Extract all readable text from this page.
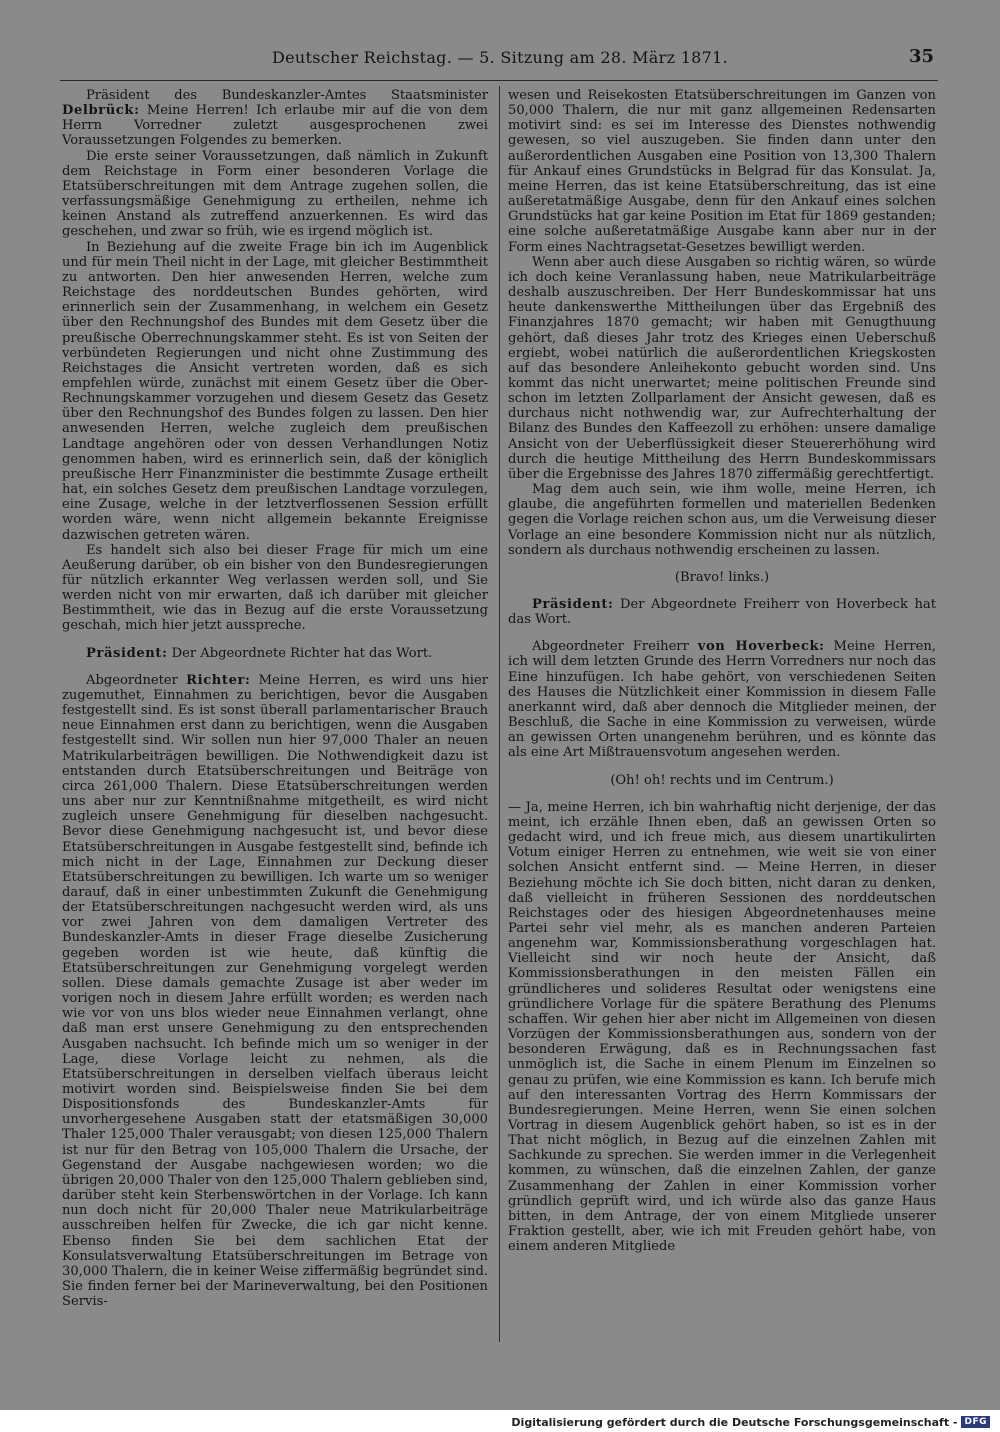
Deutscher Reichstag. — 5. Sitzung am 28. März 1871.	35

Präsident des Bundeskanzler-Amtes Staatsminister Delbrück: Meine Herren! Ich erlaube mir auf die von dem Herrn Vorredner zuletzt ausgesprochenen zwei Voraussetzungen Folgendes zu bemerken.

Die erste seiner Voraussetzungen, daß nämlich in Zukunft dem Reichstage in Form einer besonderen Vorlage die Etatsüberschreitungen mit dem Antrage zugehen sollen, die verfassungsmäßige Genehmigung zu ertheilen, nehme ich keinen Anstand als zutreffend anzuerkennen. Es wird das geschehen, und zwar so früh, wie es irgend möglich ist.

In Beziehung auf die zweite Frage bin ich im Augenblick und für mein Theil nicht in der Lage, mit gleicher Bestimmtheit zu antworten. Den hier anwesenden Herren, welche zum Reichstage des norddeutschen Bundes gehörten, wird erinnerlich sein der Zusammenhang, in welchem ein Gesetz über den Rechnungshof des Bundes mit dem Gesetz über die preußische Oberrechnungskammer steht. Es ist von Seiten der verbündeten Regierungen und nicht ohne Zustimmung des Reichstages die Ansicht vertreten worden, daß es sich empfehlen würde, zunächst mit einem Gesetz über die Ober-Rechnungskammer vorzugehen und diesem Gesetz das Gesetz über den Rechnungshof des Bundes folgen zu lassen. Den hier anwesenden Herren, welche zugleich dem preußischen Landtage angehören oder von dessen Verhandlungen Notiz genommen haben, wird es erinnerlich sein, daß der königlich preußische Herr Finanzminister die bestimmte Zusage ertheilt hat, ein solches Gesetz dem preußischen Landtage vorzulegen, eine Zusage, welche in der letztverflossenen Session erfüllt worden wäre, wenn nicht allgemein bekannte Ereignisse dazwischen getreten wären.

Es handelt sich also bei dieser Frage für mich um eine Aeußerung darüber, ob ein bisher von den Bundesregierungen für nützlich erkannter Weg verlassen werden soll, und Sie werden nicht von mir erwarten, daß ich darüber mit gleicher Bestimmtheit, wie das in Bezug auf die erste Voraussetzung geschah, mich hier jetzt ausspreche.

Präsident: Der Abgeordnete Richter hat das Wort.

Abgeordneter Richter: Meine Herren, es wird uns hier zugemuthet, Einnahmen zu berichtigen, bevor die Ausgaben festgestellt sind. Es ist sonst überall parlamentarischer Brauch neue Einnahmen erst dann zu berichtigen, wenn die Ausgaben festgestellt sind. Wir sollen nun hier 97,000 Thaler an neuen Matrikularbeiträgen bewilligen. Die Nothwendigkeit dazu ist entstanden durch Etatsüberschreitungen und Beiträge von circa 261,000 Thalern. Diese Etatsüberschreitungen werden uns aber nur zur Kenntnißnahme mitgetheilt, es wird nicht zugleich unsere Genehmigung für dieselben nachgesucht. Bevor diese Genehmigung nachgesucht ist, und bevor diese Etatsüberschreitungen in Ausgabe festgestellt sind, befinde ich mich nicht in der Lage, Einnahmen zur Deckung dieser Etatsüberschreitungen zu bewilligen. Ich warte um so weniger darauf, daß in einer unbestimmten Zukunft die Genehmigung der Etatsüberschreitungen nachgesucht werden wird, als uns vor zwei Jahren von dem damaligen Vertreter des Bundeskanzler-Amts in dieser Frage dieselbe Zusicherung gegeben worden ist wie heute, daß künftig die Etatsüberschreitungen zur Genehmigung vorgelegt werden sollen. Diese damals gemachte Zusage ist aber weder im vorigen noch in diesem Jahre erfüllt worden; es werden nach wie vor von uns blos wieder neue Einnahmen verlangt, ohne daß man erst unsere Genehmigung zu den entsprechenden Ausgaben nachsucht. Ich befinde mich um so weniger in der Lage, diese Vorlage leicht zu nehmen, als die Etatsüberschreitungen in derselben vielfach überaus leicht motivirt worden sind. Beispielsweise finden Sie bei dem Dispositionsfonds des Bundeskanzler-Amts für unvorhergesehene Ausgaben statt der etatsmäßigen 30,000 Thaler 125,000 Thaler verausgabt; von diesen 125,000 Thalern ist nur für den Betrag von 105,000 Thalern die Ursache, der Gegenstand der Ausgabe nachgewiesen worden; wo die übrigen 20,000 Thaler von den 125,000 Thalern geblieben sind, darüber steht kein Sterbenswörtchen in der Vorlage. Ich kann nun doch nicht für 20,000 Thaler neue Matrikularbeiträge ausschreiben helfen für Zwecke, die ich gar nicht kenne. Ebenso finden Sie bei dem sachlichen Etat der Konsulatsverwaltung Etatsüberschreitungen im Betrage von 30,000 Thalern, die in keiner Weise ziffermäßig begründet sind. Sie finden ferner bei der Marineverwaltung, bei den Positionen Servis-

wesen und Reisekosten Etatsüberschreitungen im Ganzen von 50,000 Thalern, die nur mit ganz allgemeinen Redensarten motivirt sind: es sei im Interesse des Dienstes nothwendig gewesen, so viel auszugeben. Sie finden dann unter den außerordentlichen Ausgaben eine Position von 13,300 Thalern für Ankauf eines Grundstücks in Belgrad für das Konsulat. Ja, meine Herren, das ist keine Etatsüberschreitung, das ist eine außeretatmäßige Ausgabe, denn für den Ankauf eines solchen Grundstücks hat gar keine Position im Etat für 1869 gestanden; eine solche außeretatmäßige Ausgabe kann aber nur in der Form eines Nachtragsetat-Gesetzes bewilligt werden.

Wenn aber auch diese Ausgaben so richtig wären, so würde ich doch keine Veranlassung haben, neue Matrikularbeiträge deshalb auszuschreiben. Der Herr Bundeskommissar hat uns heute dankenswerthe Mittheilungen über das Ergebniß des Finanzjahres 1870 gemacht; wir haben mit Genugthuung gehört, daß dieses Jahr trotz des Krieges einen Ueberschuß ergiebt, wobei natürlich die außerordentlichen Kriegskosten auf das besondere Anleihekonto gebucht worden sind. Uns kommt das nicht unerwartet; meine politischen Freunde sind schon im letzten Zollparlament der Ansicht gewesen, daß es durchaus nicht nothwendig war, zur Aufrechterhaltung der Bilanz des Bundes den Kaffeezoll zu erhöhen: unsere damalige Ansicht von der Ueberflüssigkeit dieser Steuererhöhung wird durch die heutige Mittheilung des Herrn Bundeskommissars über die Ergebnisse des Jahres 1870 ziffermäßig gerechtfertigt.

Mag dem auch sein, wie ihm wolle, meine Herren, ich glaube, die angeführten formellen und materiellen Bedenken gegen die Vorlage reichen schon aus, um die Verweisung dieser Vorlage an eine besondere Kommission nicht nur als nützlich, sondern als durchaus nothwendig erscheinen zu lassen.

(Bravo! links.)

Präsident: Der Abgeordnete Freiherr von Hoverbeck hat das Wort.

Abgeordneter Freiherr von Hoverbeck: Meine Herren, ich will dem letzten Grunde des Herrn Vorredners nur noch das Eine hinzufügen. Ich habe gehört, von verschiedenen Seiten des Hauses die Nützlichkeit einer Kommission in diesem Falle anerkannt wird, daß aber dennoch die Mitglieder meinen, der Beschluß, die Sache in eine Kommission zu verweisen, würde an gewissen Orten unangenehm berühren, und es könnte das als eine Art Mißtrauensvotum angesehen werden.

(Oh! oh! rechts und im Centrum.)

— Ja, meine Herren, ich bin wahrhaftig nicht derjenige, der das meint, ich erzähle Ihnen eben, daß an gewissen Orten so gedacht wird, und ich freue mich, aus diesem unartikulirten Votum einiger Herren zu entnehmen, wie weit sie von einer solchen Ansicht entfernt sind. — Meine Herren, in dieser Beziehung möchte ich Sie doch bitten, nicht daran zu denken, daß vielleicht in früheren Sessionen des norddeutschen Reichstages oder des hiesigen Abgeordnetenhauses meine Partei sehr viel mehr, als es manchen anderen Parteien angenehm war, Kommissionsberathung vorgeschlagen hat. Vielleicht sind wir noch heute der Ansicht, daß Kommissionsberathungen in den meisten Fällen ein gründlicheres und solideres Resultat oder wenigstens eine gründlichere Vorlage für die spätere Berathung des Plenums schaffen. Wir gehen hier aber nicht im Allgemeinen von diesen Vorzügen der Kommissionsberathungen aus, sondern von der besonderen Erwägung, daß es in Rechnungssachen fast unmöglich ist, die Sache in einem Plenum im Einzelnen so genau zu prüfen, wie eine Kommission es kann. Ich berufe mich auf den interessanten Vortrag des Herrn Kommissars der Bundesregierungen. Meine Herren, wenn Sie einen solchen Vortrag in diesem Augenblick gehört haben, so ist es in der That nicht möglich, in Bezug auf die einzelnen Zahlen mit Sachkunde zu sprechen. Sie werden immer in die Verlegenheit kommen, zu wünschen, daß die einzelnen Zahlen, der ganze Zusammenhang der Zahlen in einer Kommission vorher gründlich geprüft wird, und ich würde also das ganze Haus bitten, in dem Antrage, der von einem Mitgliede unserer Fraktion gestellt, aber, wie ich mit Freuden gehört habe, von einem anderen Mitgliede

Digitalisierung gefördert durch die Deutsche Forschungsgemeinschaft - DFG
